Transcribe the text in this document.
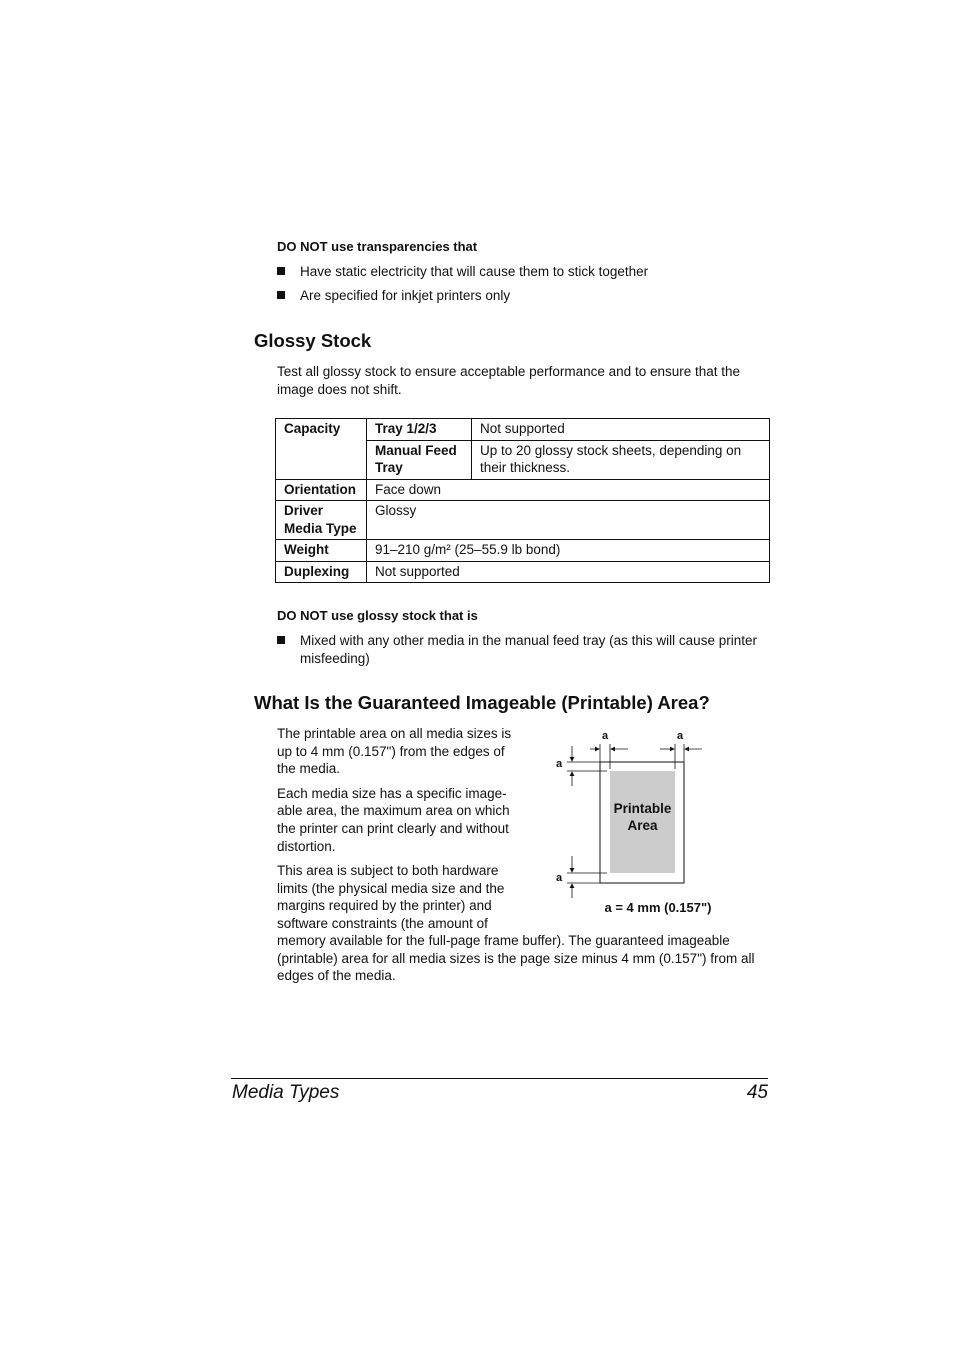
DO NOT use transparencies that
Have static electricity that will cause them to stick together
Are specified for inkjet printers only
Glossy Stock
Test all glossy stock to ensure acceptable performance and to ensure that the image does not shift.
Capacity	Tray 1/2/3	Not supported
	Manual Feed Tray	Up to 20 glossy stock sheets, depending on their thickness.
Orientation	Face down	
Driver Media Type	Glossy	
Weight	91–210 g/m² (25–55.9 lb bond)	
Duplexing	Not supported	
DO NOT use glossy stock that is
Mixed with any other media in the manual feed tray (as this will cause printer misfeeding)
What Is the Guaranteed Imageable (Printable) Area?

The printable area on all media sizes is up to 4 mm (0.157") from the edges of the media.

Each media size has a specific image-able area, the maximum area on which the printer can print clearly and without distortion.

This area is subject to both hardware limits (the physical media size and the margins required by the printer) and software constraints (the amount of

memory available for the full-page frame buffer). The guaranteed imageable (printable) area for all media sizes is the page size minus 4 mm (0.157") from all edges of the media.
Printable
Area
a	a
a
a
a = 4 mm (0.157")
Media Types	45
